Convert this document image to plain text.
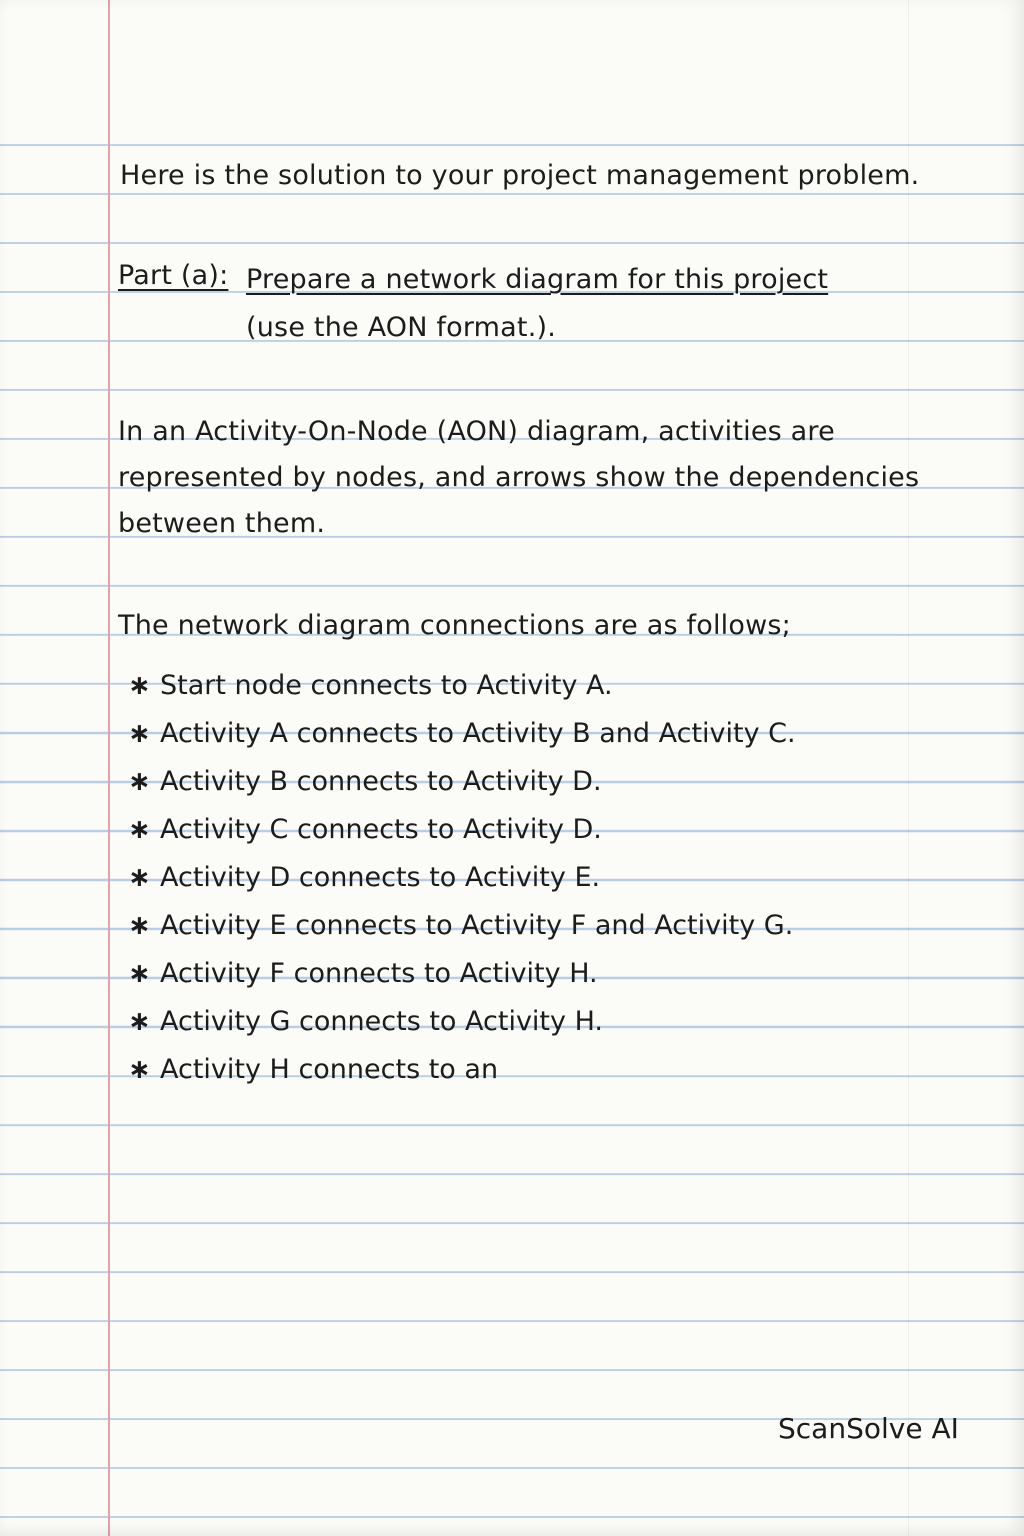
Here is the solution to your project management problem.
Part (a): Prepare a network diagram for this project
(use the AON format.).
In an Activity-On-Node (AON) diagram, activities are
represented by nodes, and arrows show the dependencies
between them.
The network diagram connections are as follows;
∗ Start node connects to Activity A.
∗ Activity A connects to Activity B and Activity C.
∗ Activity B connects to Activity D.
∗ Activity C connects to Activity D.
∗ Activity D connects to Activity E.
∗ Activity E connects to Activity F and Activity G.
∗ Activity F connects to Activity H.
∗ Activity G connects to Activity H.
∗ Activity H connects to an
ScanSolve AI
